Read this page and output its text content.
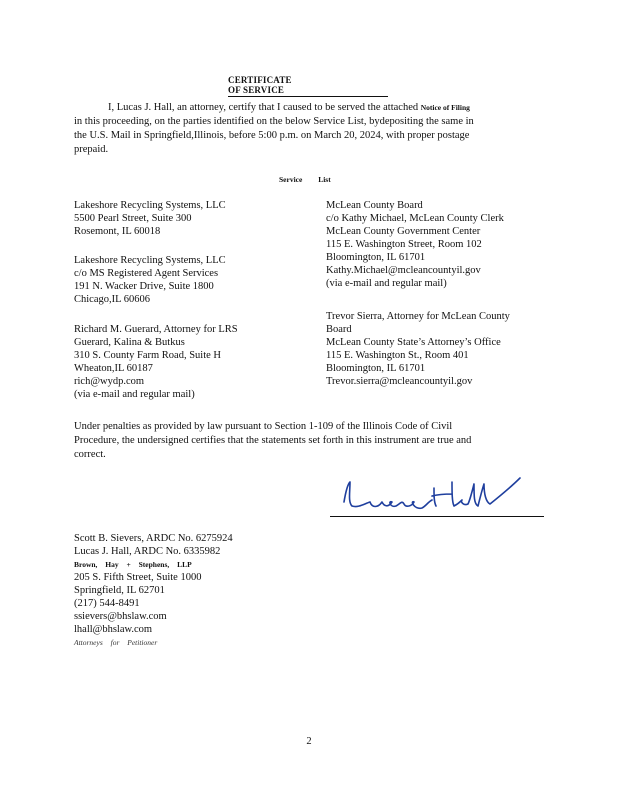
CERTIFICATE  OF SERVICE
I, Lucas J. Hall, an attorney, certify that I caused to be served the attached Notice of Filing
in this proceeding, on the parties identified on the below Service List, bydepositing the same in
the U.S. Mail in Springfield,Illinois, before 5:00 p.m. on March 20, 2024, with proper postage
prepaid.
Service List
Lakeshore Recycling Systems, LLC
5500 Pearl Street, Suite 300
Rosemont, IL 60018
Lakeshore Recycling Systems, LLC
c/o MS Registered Agent Services
191 N. Wacker Drive, Suite 1800
Chicago,IL 60606
Richard M. Guerard, Attorney for LRS
Guerard, Kalina & Butkus
310 S. County Farm Road, Suite H
Wheaton,IL 60187
rich@wydp.com
(via e-mail and regular mail)
McLean County Board
c/o Kathy Michael, McLean County Clerk
McLean County Government Center
115 E. Washington Street, Room 102
Bloomington, IL 61701
Kathy.Michael@mcleancountyil.gov
(via e-mail and regular mail)
Trevor Sierra, Attorney for McLean County
Board
McLean County State’s Attorney’s Office
115 E. Washington St., Room 401
Bloomington, IL 61701
Trevor.sierra@mcleancountyil.gov
Under penalties as provided by law pursuant to Section 1-109 of the Illinois Code of Civil
Procedure, the undersigned certifies that the statements set forth in this instrument are true and
correct.
Scott B. Sievers, ARDC No. 6275924
Lucas J. Hall, ARDC No. 6335982
Brown, Hay + Stephens, LLP
205 S. Fifth Street, Suite 1000
Springfield, IL 62701
(217) 544-8491
ssievers@bhslaw.com
lhall@bhslaw.com
Attorneys for Petitioner
2
